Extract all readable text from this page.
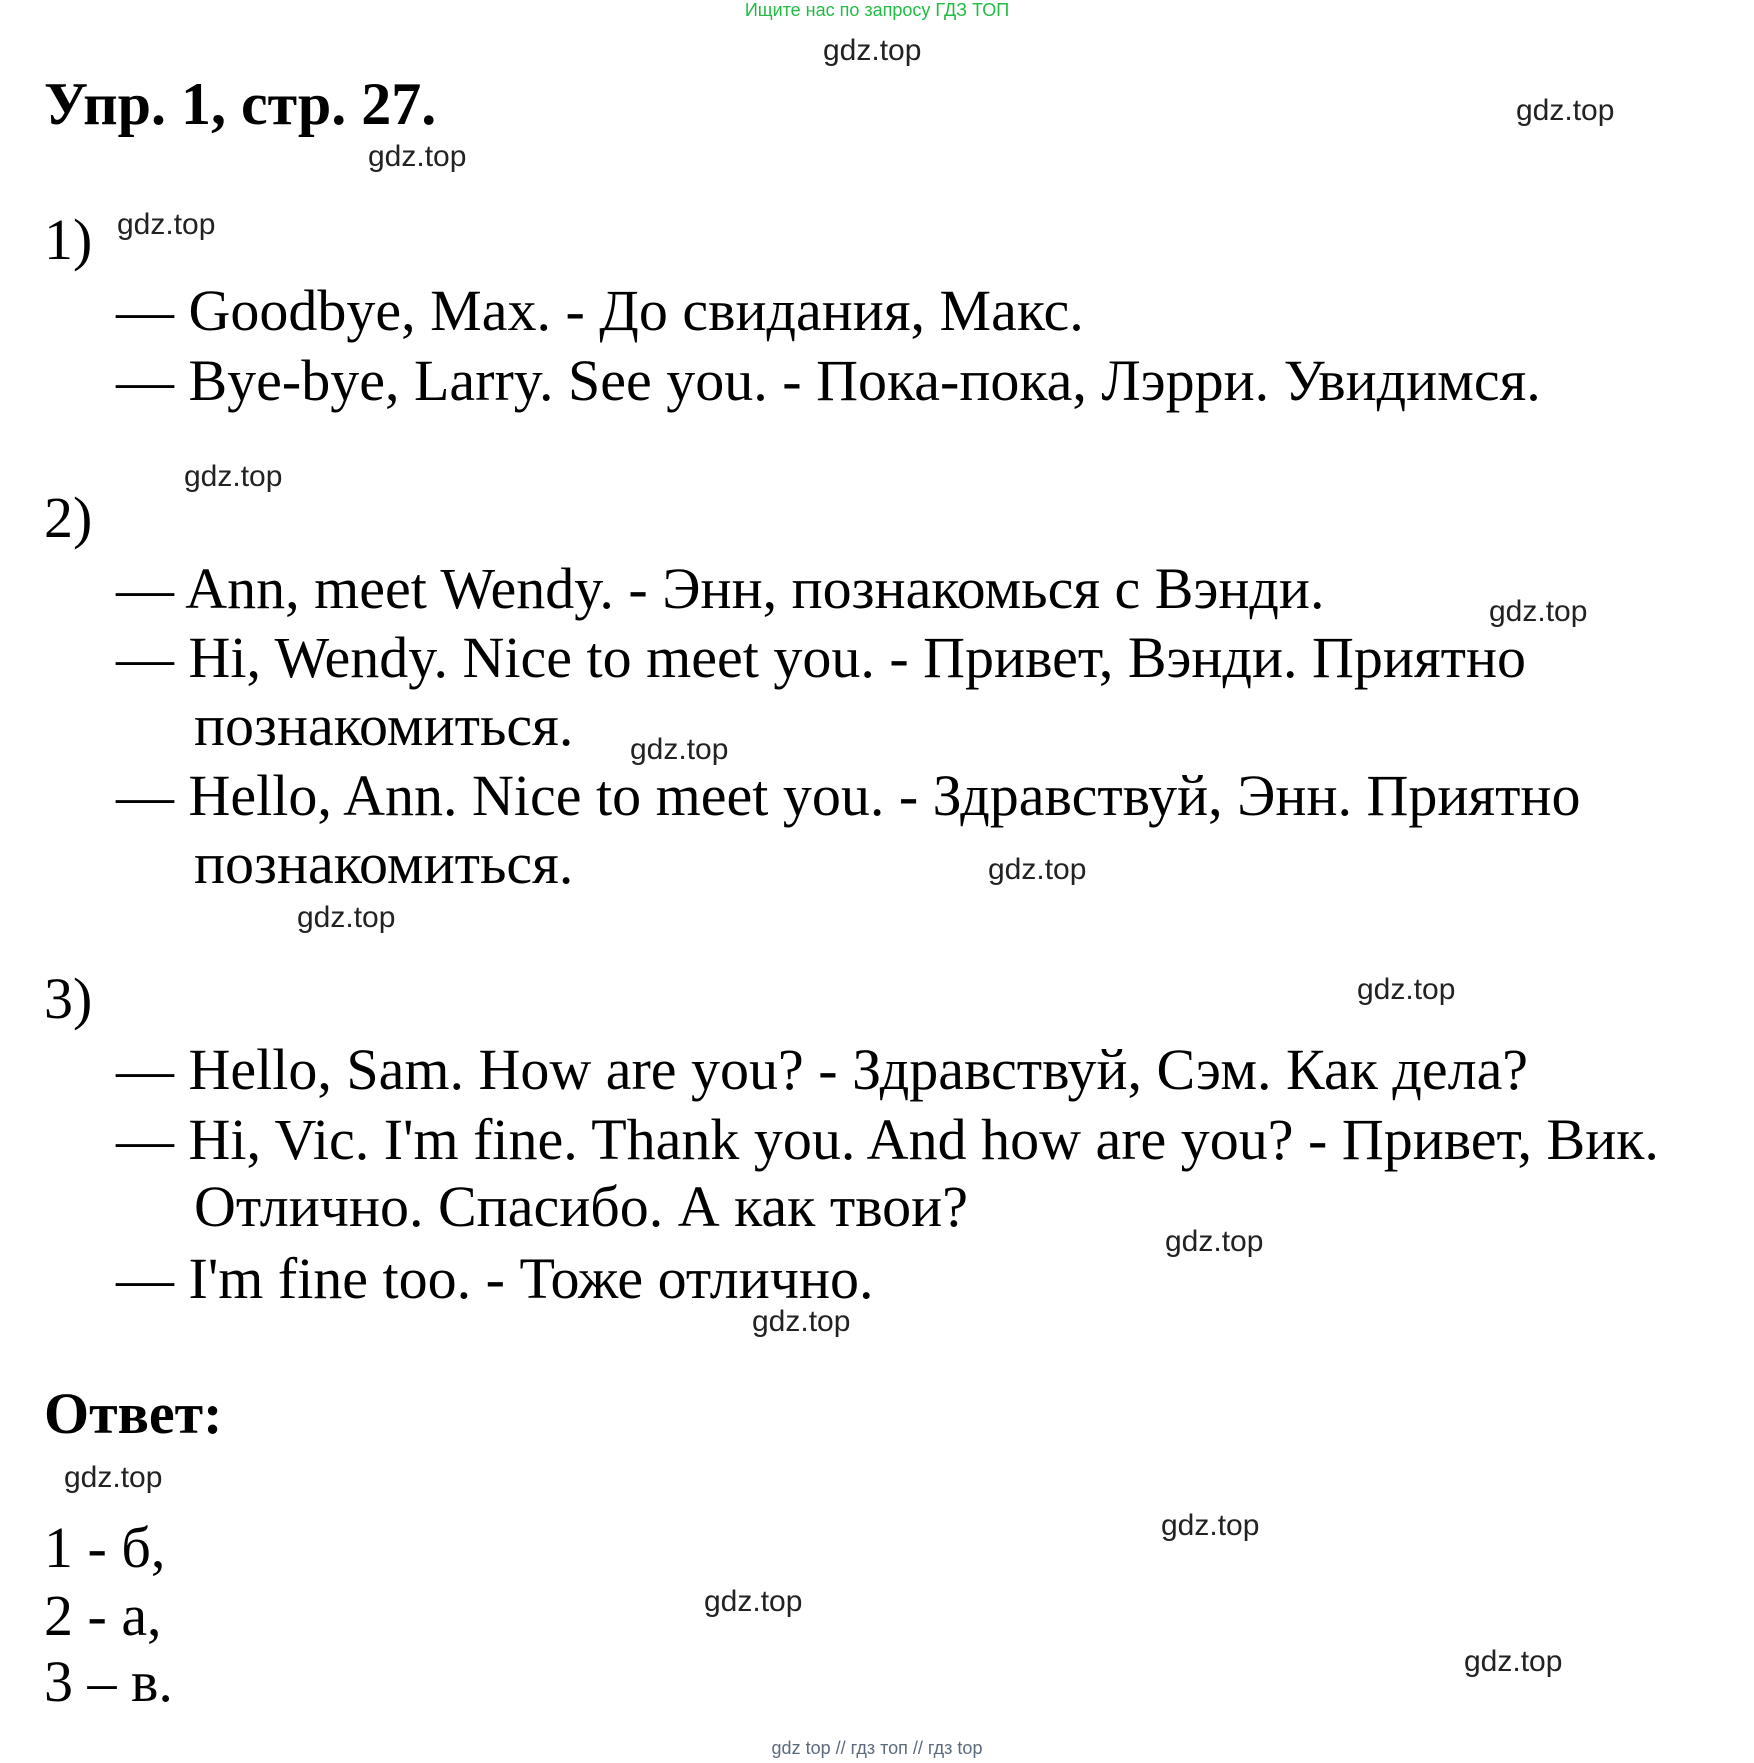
Ищите нас по запросу ГДЗ ТОП
gdz.top
gdz.top
gdz.top
gdz.top
gdz.top
gdz.top
gdz.top
gdz.top
gdz.top
gdz.top
gdz.top
gdz.top
gdz.top
gdz.top
gdz.top
gdz.top
Упр. 1, стр. 27.
1)
— Goodbye, Max. - До свидания, Макс.
— Bye-bye, Larry. See you. - Пока-пока, Лэрри. Увидимся.
2)
— Ann, meet Wendy. - Энн, познакомься с Вэнди.
— Hi, Wendy. Nice to meet you. - Привет, Вэнди. Приятно
познакомиться.
— Hello, Ann. Nice to meet you. - Здравствуй, Энн. Приятно
познакомиться.
3)
— Hello, Sam. How are you? - Здравствуй, Сэм. Как дела?
— Hi, Vic. I'm fine. Thank you. And how are you? - Привет, Вик.
Отлично. Спасибо. А как твои?
— I'm fine too. - Тоже отлично.
Ответ:
1 - б,
2 - а,
3 – в.
gdz top // гдз топ // гдз top
